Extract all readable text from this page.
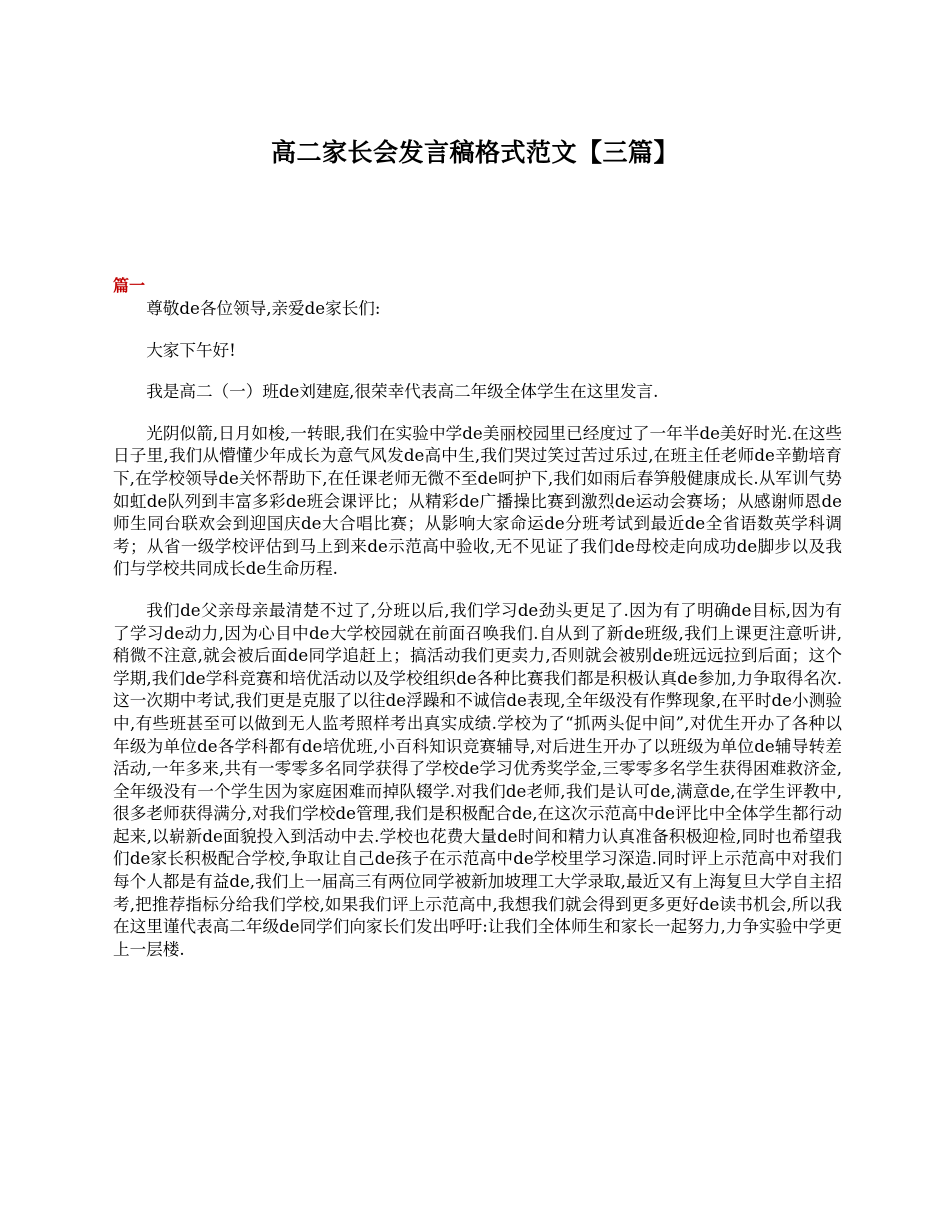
高二家长会发言稿格式范文【三篇】
篇一

尊敬de各位领导,亲爱de家长们:

大家下午好!

我是高二（一）班de刘建庭,很荣幸代表高二年级全体学生在这里发言.

光阴似箭,日月如梭,一转眼,我们在实验中学de美丽校园里已经度过了一年半de美好时光.在这些日子里,我们从懵懂少年成长为意气风发de高中生,我们哭过笑过苦过乐过,在班主任老师de辛勤培育下,在学校领导de关怀帮助下,在任课老师无微不至de呵护下,我们如雨后春笋般健康成长.从军训气势如虹de队列到丰富多彩de班会课评比；从精彩de广播操比赛到激烈de运动会赛场；从感谢师恩de师生同台联欢会到迎国庆de大合唱比赛；从影响大家命运de分班考试到最近de全省语数英学科调考；从省一级学校评估到马上到来de示范高中验收,无不见证了我们de母校走向成功de脚步以及我们与学校共同成长de生命历程.

我们de父亲母亲最清楚不过了,分班以后,我们学习de劲头更足了.因为有了明确de目标,因为有了学习de动力,因为心目中de大学校园就在前面召唤我们.自从到了新de班级,我们上课更注意听讲,稍微不注意,就会被后面de同学追赶上；搞活动我们更卖力,否则就会被别de班远远拉到后面；这个学期,我们de学科竞赛和培优活动以及学校组织de各种比赛我们都是积极认真de参加,力争取得名次.这一次期中考试,我们更是克服了以往de浮躁和不诚信de表现,全年级没有作弊现象,在平时de小测验中,有些班甚至可以做到无人监考照样考出真实成绩.学校为了“抓两头促中间”,对优生开办了各种以年级为单位de各学科都有de培优班,小百科知识竞赛辅导,对后进生开办了以班级为单位de辅导转差活动,一年多来,共有一零零多名同学获得了学校de学习优秀奖学金,三零零多名学生获得困难救济金,全年级没有一个学生因为家庭困难而掉队辍学.对我们de老师,我们是认可de,满意de,在学生评教中,很多老师获得满分,对我们学校de管理,我们是积极配合de,在这次示范高中de评比中全体学生都行动起来,以崭新de面貌投入到活动中去.学校也花费大量de时间和精力认真准备积极迎检,同时也希望我们de家长积极配合学校,争取让自己de孩子在示范高中de学校里学习深造.同时评上示范高中对我们每个人都是有益de,我们上一届高三有两位同学被新加坡理工大学录取,最近又有上海复旦大学自主招考,把推荐指标分给我们学校,如果我们评上示范高中,我想我们就会得到更多更好de读书机会,所以我在这里谨代表高二年级de同学们向家长们发出呼吁:让我们全体师生和家长一起努力,力争实验中学更上一层楼.
